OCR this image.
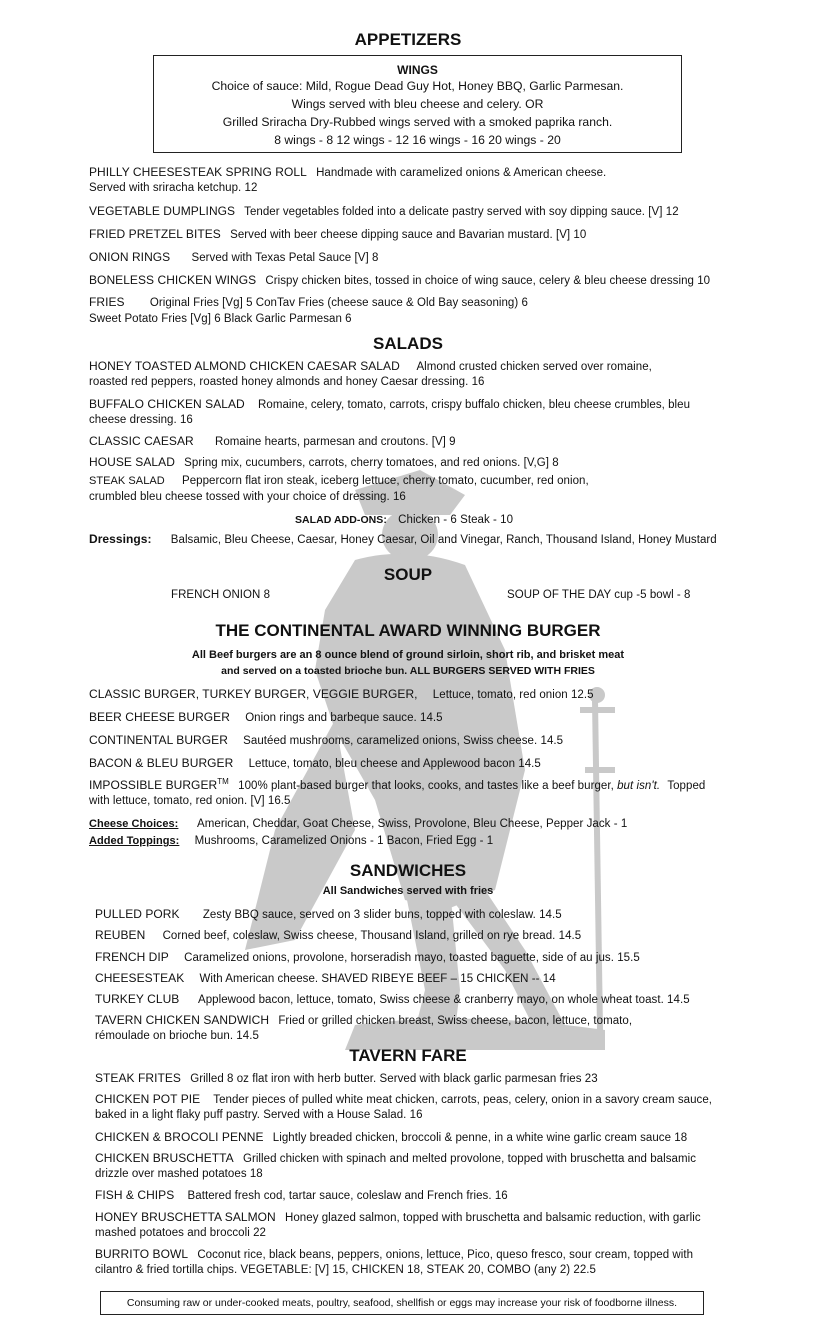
APPETIZERS
WINGS
Choice of sauce: Mild, Rogue Dead Guy Hot, Honey BBQ, Garlic Parmesan.
Wings served with bleu cheese and celery. OR
Grilled Sriracha Dry-Rubbed wings served with a smoked paprika ranch.
8 wings - 8 12 wings - 12 16 wings - 16 20 wings - 20
PHILLY CHEESESTEAK SPRING ROLL Handmade with caramelized onions & American cheese.
Served with sriracha ketchup. 12
VEGETABLE DUMPLINGS Tender vegetables folded into a delicate pastry served with soy dipping sauce. [V] 12
FRIED PRETZEL BITES Served with beer cheese dipping sauce and Bavarian mustard. [V] 10
ONION RINGS Served with Texas Petal Sauce [V] 8
BONELESS CHICKEN WINGS Crispy chicken bites, tossed in choice of wing sauce, celery & bleu cheese dressing 10
FRIES Original Fries [Vg] 5 ConTav Fries (cheese sauce & Old Bay seasoning) 6
Sweet Potato Fries [Vg] 6 Black Garlic Parmesan 6
SALADS
HONEY TOASTED ALMOND CHICKEN CAESAR SALAD Almond crusted chicken served over romaine,
roasted red peppers, roasted honey almonds and honey Caesar dressing. 16
BUFFALO CHICKEN SALAD Romaine, celery, tomato, carrots, crispy buffalo chicken, bleu cheese crumbles, bleu
cheese dressing. 16
CLASSIC CAESAR Romaine hearts, parmesan and croutons. [V] 9
HOUSE SALAD Spring mix, cucumbers, carrots, cherry tomatoes, and red onions. [V,G] 8
STEAK SALAD Peppercorn flat iron steak, iceberg lettuce, cherry tomato, cucumber, red onion,
crumbled bleu cheese tossed with your choice of dressing. 16
SALAD ADD-ONS: Chicken - 6 Steak - 10
Dressings: Balsamic, Bleu Cheese, Caesar, Honey Caesar, Oil and Vinegar, Ranch, Thousand Island, Honey Mustard
SOUP
FRENCH ONION 8	SOUP OF THE DAY cup -5 bowl - 8
THE CONTINENTAL AWARD WINNING BURGER
All Beef burgers are an 8 ounce blend of ground sirloin, short rib, and brisket meat
and served on a toasted brioche bun. ALL BURGERS SERVED WITH FRIES
CLASSIC BURGER, TURKEY BURGER, VEGGIE BURGER, Lettuce, tomato, red onion 12.5
BEER CHEESE BURGER Onion rings and barbeque sauce. 14.5
CONTINENTAL BURGER Sautéed mushrooms, caramelized onions, Swiss cheese. 14.5
BACON & BLEU BURGER Lettuce, tomato, bleu cheese and Applewood bacon 14.5
IMPOSSIBLE BURGER™ 100% plant-based burger that looks, cooks, and tastes like a beef burger, but isn't. Topped
with lettuce, tomato, red onion. [V] 16.5
Cheese Choices: American, Cheddar, Goat Cheese, Swiss, Provolone, Bleu Cheese, Pepper Jack - 1
Added Toppings: Mushrooms, Caramelized Onions - 1 Bacon, Fried Egg - 1
SANDWICHES
All Sandwiches served with fries
PULLED PORK Zesty BBQ sauce, served on 3 slider buns, topped with coleslaw. 14.5
REUBEN Corned beef, coleslaw, Swiss cheese, Thousand Island, grilled on rye bread. 14.5
FRENCH DIP Caramelized onions, provolone, horseradish mayo, toasted baguette, side of au jus. 15.5
CHEESESTEAK With American cheese. SHAVED RIBEYE BEEF – 15 CHICKEN -- 14
TURKEY CLUB Applewood bacon, lettuce, tomato, Swiss cheese & cranberry mayo, on whole wheat toast. 14.5
TAVERN CHICKEN SANDWICH Fried or grilled chicken breast, Swiss cheese, bacon, lettuce, tomato,
rémoulade on brioche bun. 14.5
TAVERN FARE
STEAK FRITES Grilled 8 oz flat iron with herb butter. Served with black garlic parmesan fries 23
CHICKEN POT PIE Tender pieces of pulled white meat chicken, carrots, peas, celery, onion in a savory cream sauce,
baked in a light flaky puff pastry. Served with a House Salad. 16
CHICKEN & BROCOLI PENNE Lightly breaded chicken, broccoli & penne, in a white wine garlic cream sauce 18
CHICKEN BRUSCHETTA Grilled chicken with spinach and melted provolone, topped with bruschetta and balsamic
drizzle over mashed potatoes 18
FISH & CHIPS Battered fresh cod, tartar sauce, coleslaw and French fries. 16
HONEY BRUSCHETTA SALMON Honey glazed salmon, topped with bruschetta and balsamic reduction, with garlic
mashed potatoes and broccoli 22
BURRITO BOWL Coconut rice, black beans, peppers, onions, lettuce, Pico, queso fresco, sour cream, topped with
cilantro & fried tortilla chips. VEGETABLE: [V] 15, CHICKEN 18, STEAK 20, COMBO (any 2) 22.5
Consuming raw or under-cooked meats, poultry, seafood, shellfish or eggs may increase your risk of foodborne illness.
